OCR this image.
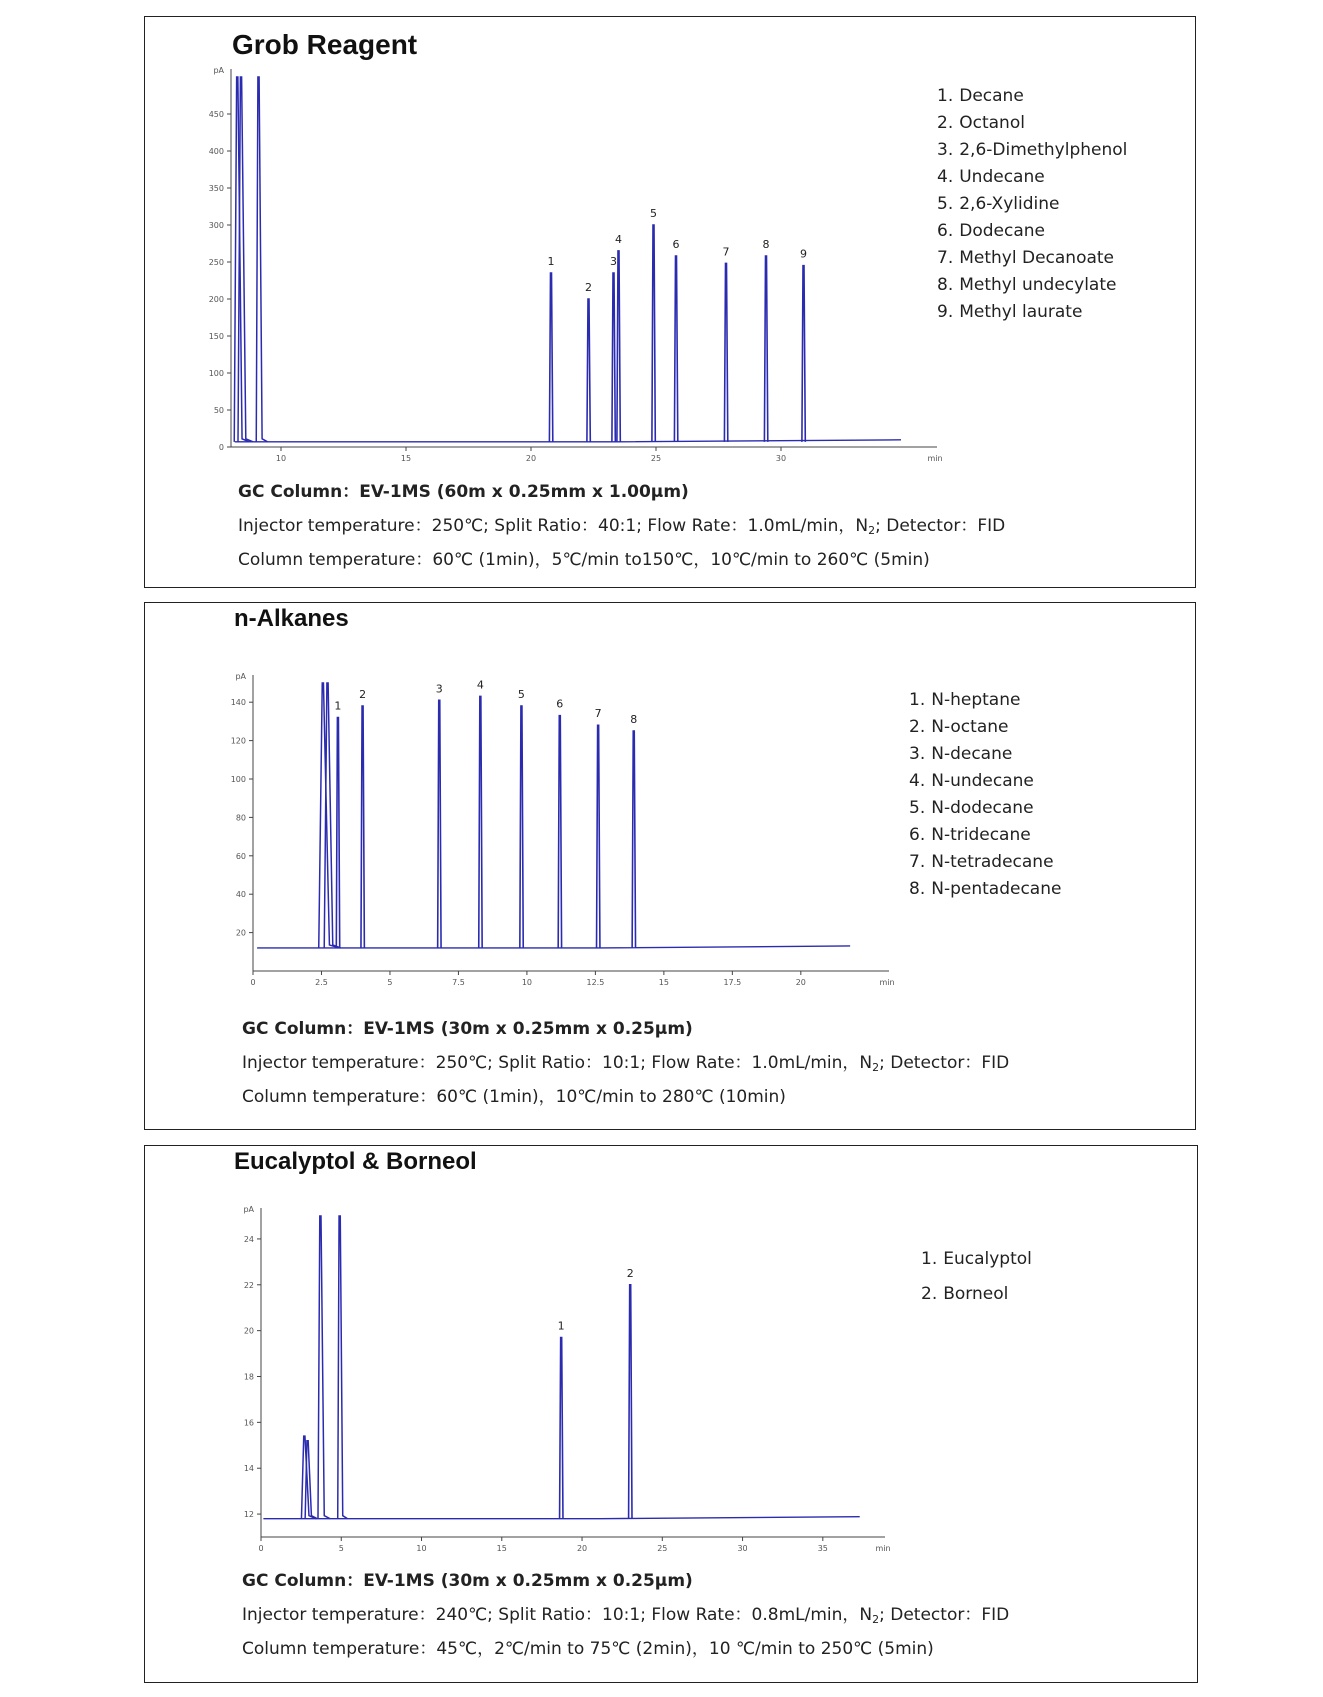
Grob Reagent
0
50
100
150
200
250
300
350
400
450
pA
10	15	20	25	30	min
1
2
3
4
5
6
7
8
9
1. Decane
2. Octanol
3. 2,6-Dimethylphenol
4. Undecane
5. 2,6-Xylidine
6. Dodecane
7. Methyl Decanoate
8. Methyl undecylate
9. Methyl laurate
GC Column：EV-1MS (60m x 0.25mm x 1.00μm)
Injector temperature：250℃; Split Ratio：40:1; Flow Rate：1.0mL/min，$N_2$; Detector：FID
Column temperature：60℃ (1min)，5℃/min to150℃，10℃/min to 260℃ (5min)
n-Alkanes
20
40
60
80
100
120
140
pA
0	2.5	5	7.5	10	12.5	15	17.5	20	min
1
2	3	4
5
6
7	8
1. N-heptane
2. N-octane
3. N-decane
4. N-undecane
5. N-dodecane
6. N-tridecane
7. N-tetradecane
8. N-pentadecane
GC Column：EV-1MS (30m x 0.25mm x 0.25μm)
Injector temperature：250℃; Split Ratio：10:1; Flow Rate：1.0mL/min，$N_2$; Detector：FID
Column temperature：60℃ (1min)，10℃/min to 280℃ (10min)
Eucalyptol & Borneol
12
14
16
18
20
22
24
pA
0	5	10	15	20	25	30	35	min
1
2
1. Eucalyptol
2. Borneol
GC Column：EV-1MS (30m x 0.25mm x 0.25μm)
Injector temperature：240℃; Split Ratio：10:1; Flow Rate：0.8mL/min，$N_2$; Detector：FID
Column temperature：45℃，2℃/min to 75℃ (2min)，10 ℃/min to 250℃ (5min)
